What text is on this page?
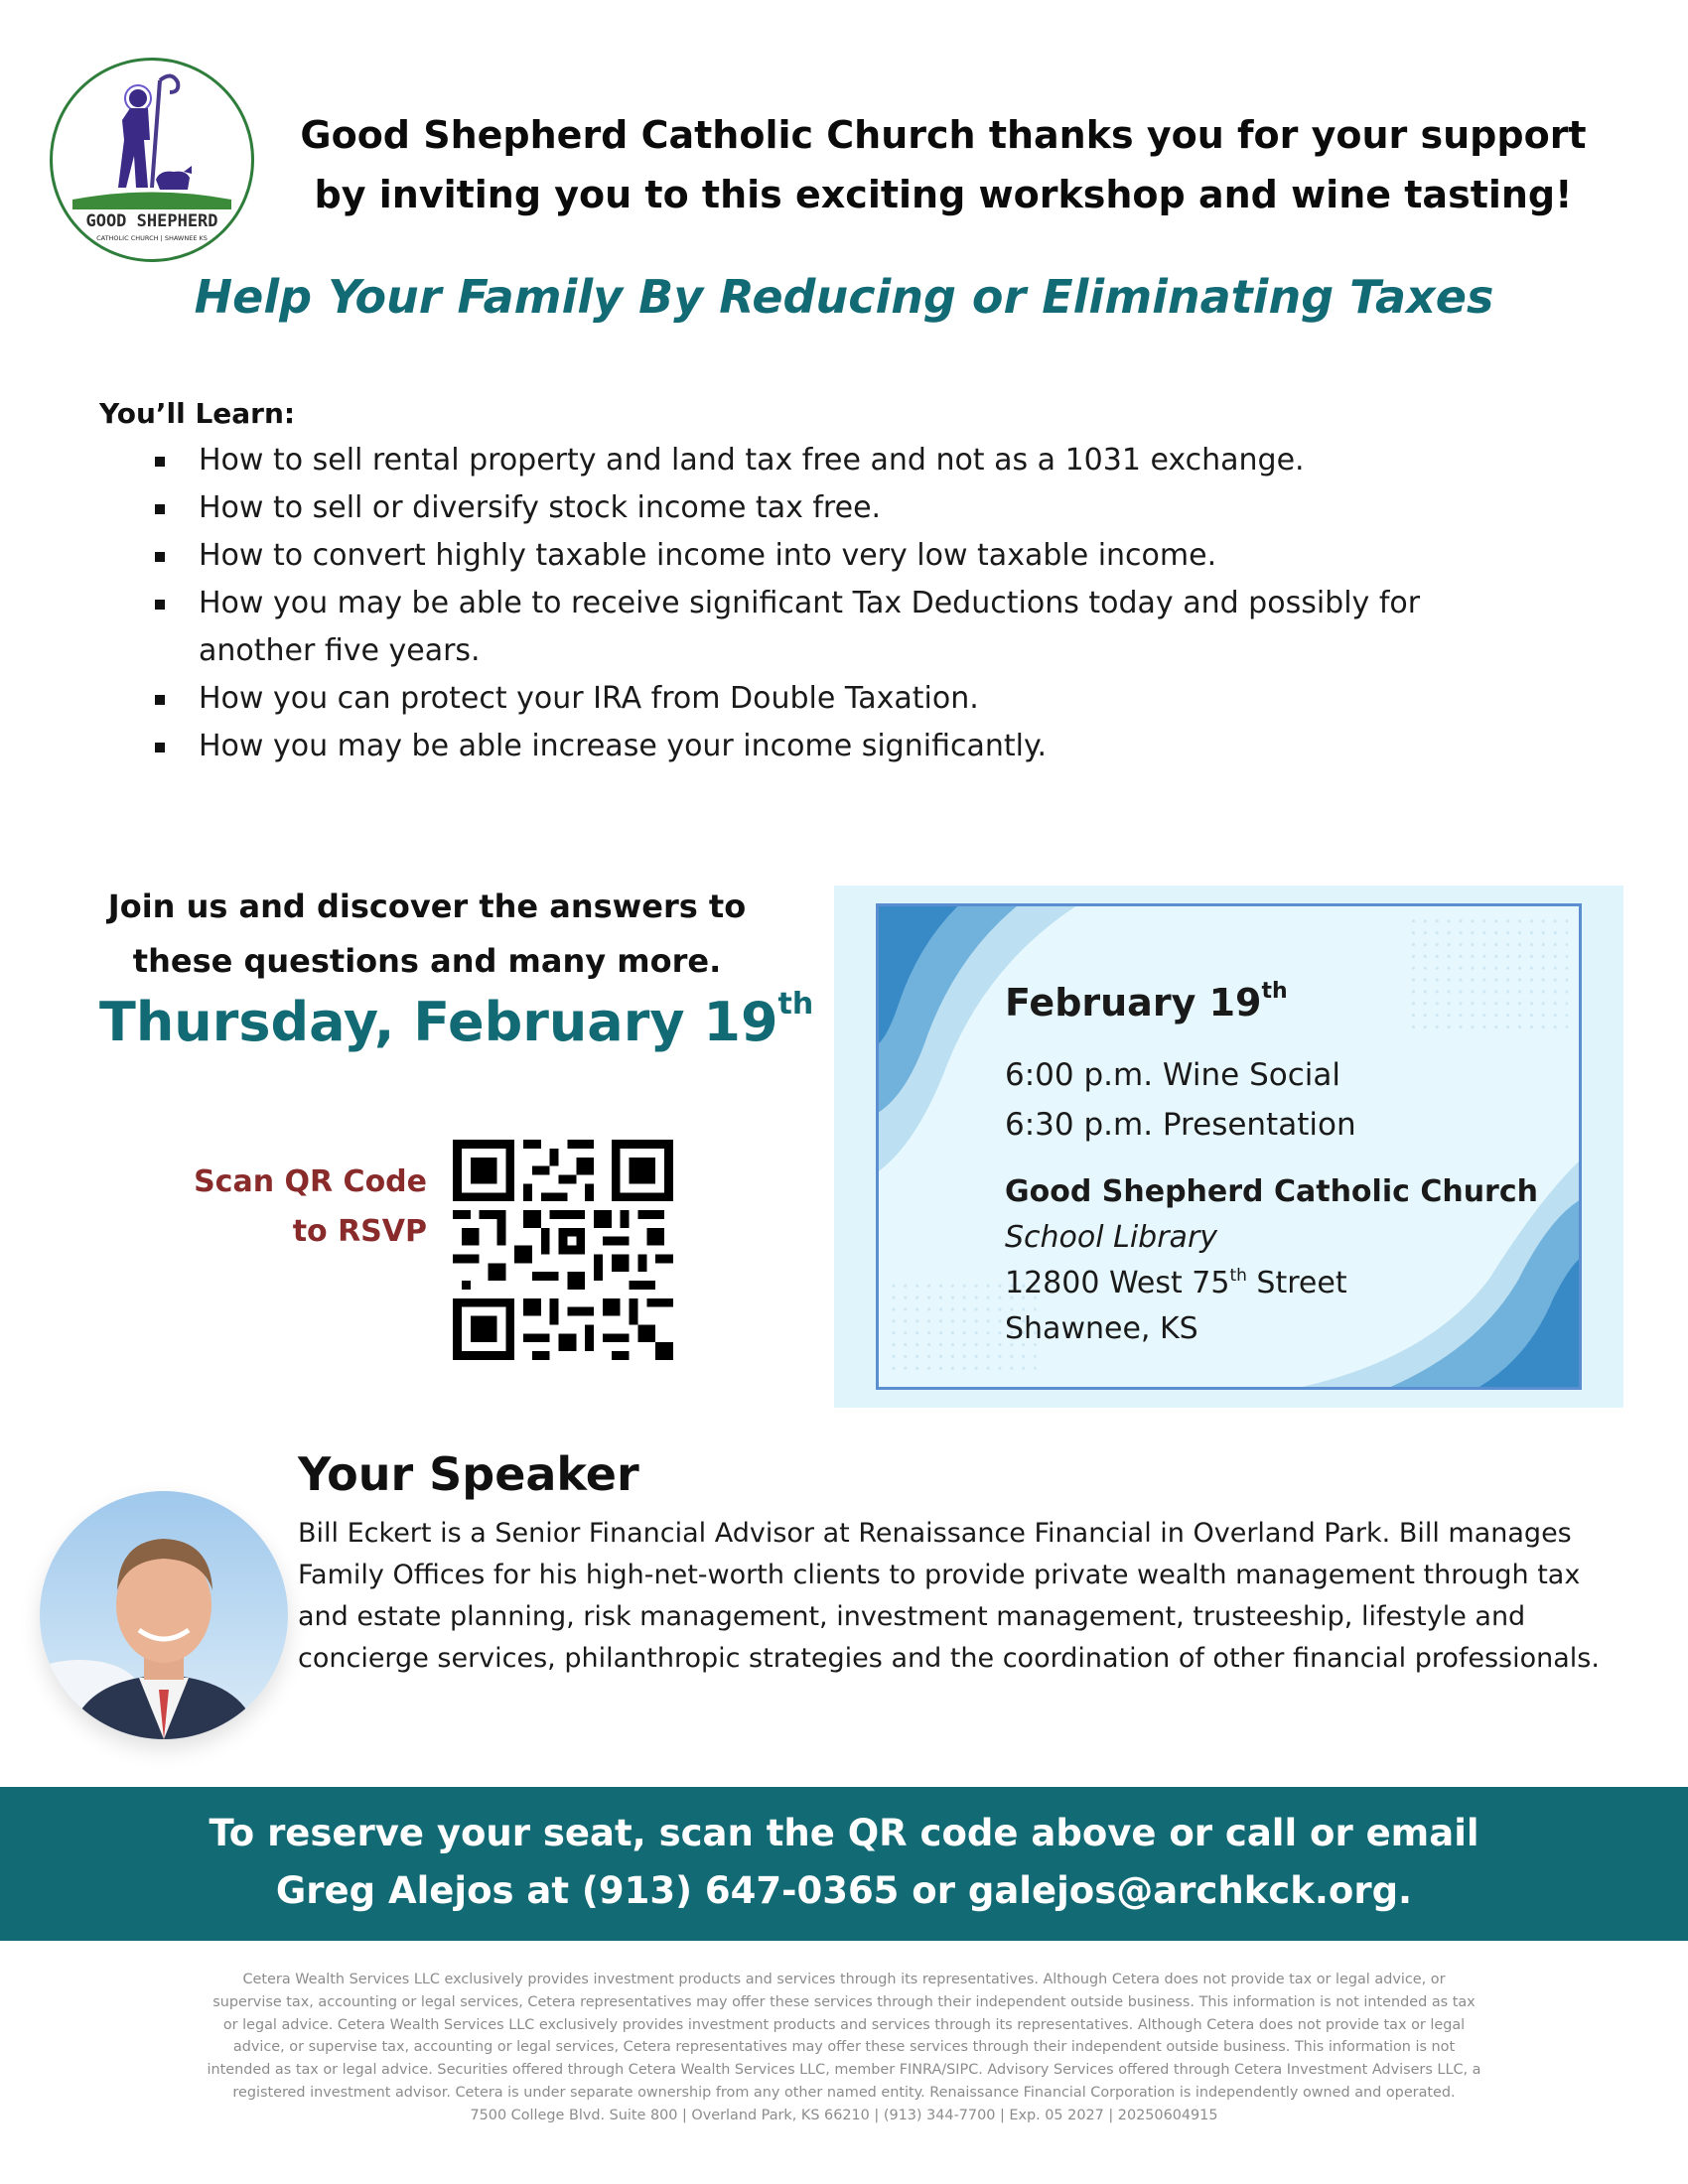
GOOD SHEPHERD
CATHOLIC CHURCH | SHAWNEE KS
Good Shepherd Catholic Church thanks you for your support
by inviting you to this exciting workshop and wine tasting!
Help Your Family By Reducing or Eliminating Taxes
You’ll Learn:
How to sell rental property and land tax free and not as a 1031 exchange.
How to sell or diversify stock income tax free.
How to convert highly taxable income into very low taxable income.
How you may be able to receive significant Tax Deductions today and possibly for another five years.
How you can protect your IRA from Double Taxation.
How you may be able increase your income significantly.
Join us and discover the answers to
these questions and many more.
Thursday, February 19th
Scan QR Code
to RSVP
February 19th
6:00 p.m. Wine Social
6:30 p.m. Presentation
Good Shepherd Catholic Church
School Library
12800 West 75th Street
Shawnee, KS
Your Speaker
Bill Eckert is a Senior Financial Advisor at Renaissance Financial in Overland Park. Bill manages Family Offices for his high-net-worth clients to provide private wealth management through tax and estate planning, risk management, investment management, trusteeship, lifestyle and concierge services, philanthropic strategies and the coordination of other financial professionals.
To reserve your seat, scan the QR code above or call or email
Greg Alejos at (913) 647-0365 or galejos@archkck.org.
Cetera Wealth Services LLC exclusively provides investment products and services through its representatives. Although Cetera does not provide tax or legal advice, or
supervise tax, accounting or legal services, Cetera representatives may offer these services through their independent outside business. This information is not intended as tax
or legal advice. Cetera Wealth Services LLC exclusively provides investment products and services through its representatives. Although Cetera does not provide tax or legal
advice, or supervise tax, accounting or legal services, Cetera representatives may offer these services through their independent outside business. This information is not
intended as tax or legal advice. Securities offered through Cetera Wealth Services LLC, member FINRA/SIPC. Advisory Services offered through Cetera Investment Advisers LLC, a
registered investment advisor. Cetera is under separate ownership from any other named entity. Renaissance Financial Corporation is independently owned and operated.
7500 College Blvd. Suite 800 | Overland Park, KS 66210 | (913) 344-7700 | Exp. 05 2027 | 20250604915
